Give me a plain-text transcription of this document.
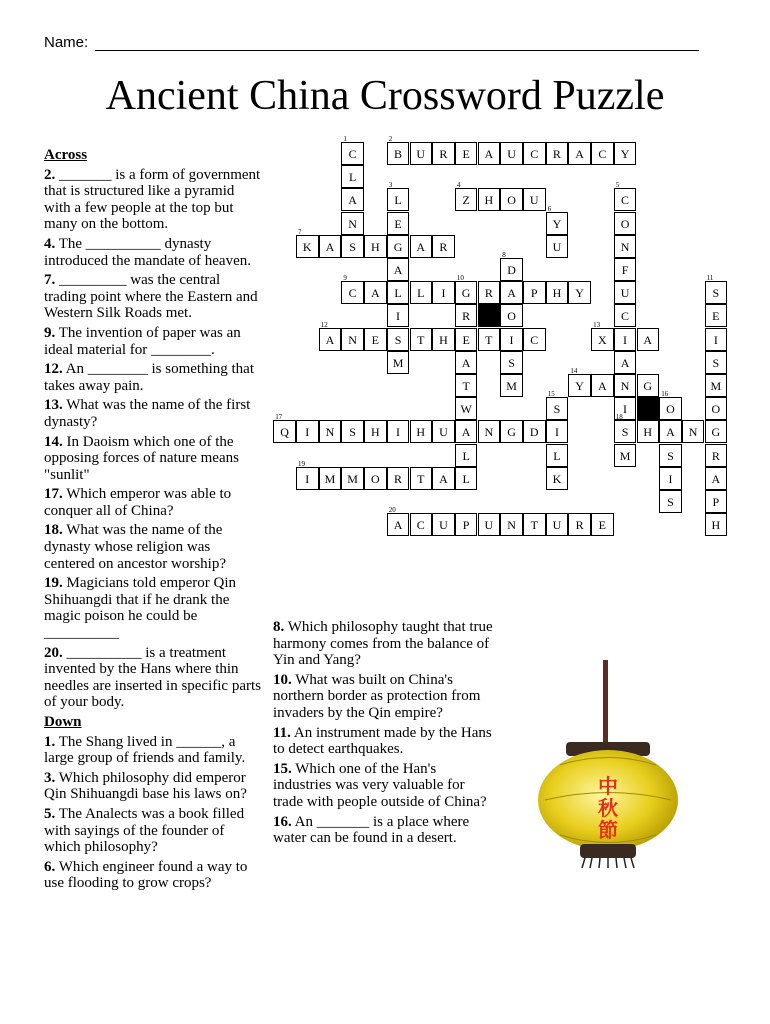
Name:
Ancient China Crossword Puzzle
Across
2. _______ is a form of government that is structured like a pyramid with a few people at the top but many on the bottom.
4. The __________ dynasty introduced the mandate of heaven.
7. _________ was the central trading point where the Eastern and Western Silk Roads met.
9. The invention of paper was an ideal material for ________.
12. An ________ is something that takes away pain.
13. What was the name of the first dynasty?
14. In Daoism which one of the opposing forces of nature means "sunlit"
17. Which emperor was able to conquer all of China?
18. What was the name of the dynasty whose religion was centered on ancestor worship?
19. Magicians told emperor Qin Shihuangdi that if he drank the magic poison he could be __________
20. __________ is a treatment invented by the Hans where thin needles are inserted in specific parts of your body.
Down
1. The Shang lived in ______, a large group of friends and family.
3. Which philosophy did emperor Qin Shihuangdi base his laws on?
5. The Analects was a book filled with sayings of the founder of which philosophy?
6. Which engineer found a way to use flooding to grow crops?
8. Which philosophy taught that true harmony comes from the balance of Yin and Yang?
10. What was built on China's northern border as protection from invaders by the Qin empire?
11. An instrument made by the Hans to detect earthquakes.
15. Which one of the Han's industries was very valuable for trade with people outside of China?
16. An _______ is a place where water can be found in a desert.
1
C
L
A
N
2
B	U	R	E	A	U	C	R	A	C	Y
3
L
E
G
A
L
I
S
M
4
Z	H	O	U
5
C
O
N
F
U
C
I
A
N
I
18
S
M
6
Y
U
7
K	A	S	H	A	R
8
D
A
O
I
S
M
9
C	A	L	I
10
G	R	P	H	Y
R
E
A
T
W
A
L
L
11
S
E
I
S
M
O
G
R
A
P
H
12
A	N	E	T	H	T	C
13
X	A
14
Y	A	G
15
S
I
L
K
16
O
A
S
I
S
17
Q	I	N	S	H	I	H	U	N	G	D	H	N
19
I	M	M	O	R	T	A
20
A	C	U	P	U	N	T	U	R	E
中
秋
節
